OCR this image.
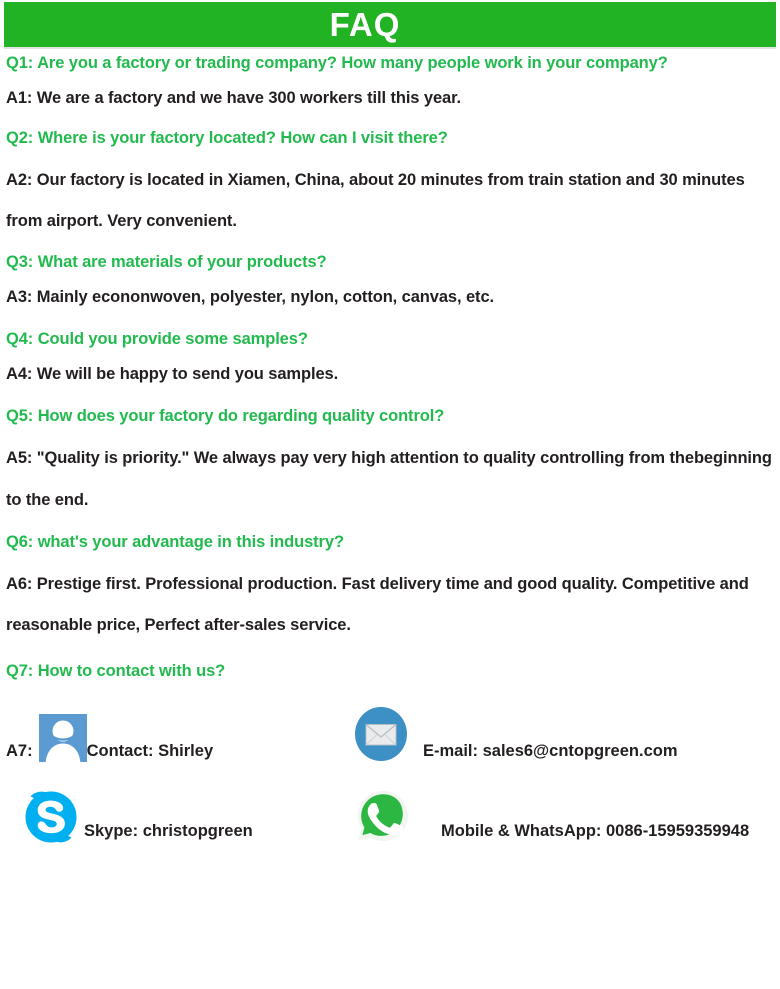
FAQ

Q1: Are you a factory or trading company? How many people work in your company?

A1: We are a factory and we have 300 workers till this year.

Q2: Where is your factory located? How can I visit there?

A2: Our factory is located in Xiamen, China, about 20 minutes from train station and 30 minutes from airport. Very convenient.

Q3: What are materials of your products?

A3: Mainly econonwoven, polyester, nylon, cotton, canvas, etc.

Q4: Could you provide some samples?

A4: We will be happy to send you samples.

Q5: How does your factory do regarding quality control?

A5: "Quality is priority." We always pay very high attention to quality controlling from thebeginning to the end.

Q6: what's your advantage in this industry?

A6: Prestige first. Professional production. Fast delivery time and good quality. Competitive and reasonable price, Perfect after-sales service.

Q7: How to contact with us?

A7:	Contact: Shirley	E-mail: sales6@cntopgreen.com
Skype: christopgreen	Mobile & WhatsApp: 0086-15959359948
